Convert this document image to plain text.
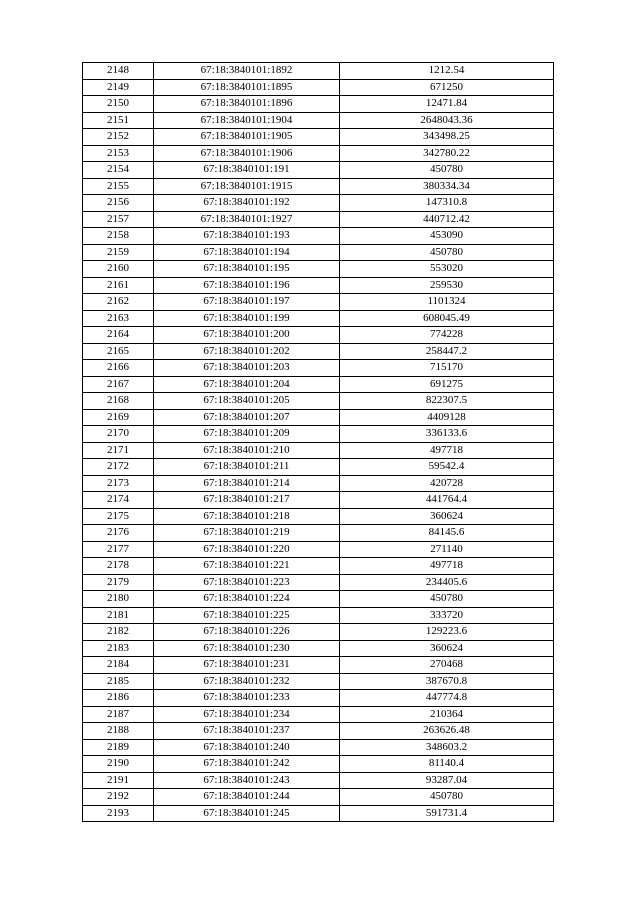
2148	67:18:3840101:1892	1212.54
2149	67:18:3840101:1895	671250
2150	67:18:3840101:1896	12471.84
2151	67:18:3840101:1904	2648043.36
2152	67:18:3840101:1905	343498.25
2153	67:18:3840101:1906	342780.22
2154	67:18:3840101:191	450780
2155	67:18:3840101:1915	380334.34
2156	67:18:3840101:192	147310.8
2157	67:18:3840101:1927	440712.42
2158	67:18:3840101:193	453090
2159	67:18:3840101:194	450780
2160	67:18:3840101:195	553020
2161	67:18:3840101:196	259530
2162	67:18:3840101:197	1101324
2163	67:18:3840101:199	608045.49
2164	67:18:3840101:200	774228
2165	67:18:3840101:202	258447.2
2166	67:18:3840101:203	715170
2167	67:18:3840101:204	691275
2168	67:18:3840101:205	822307.5
2169	67:18:3840101:207	4409128
2170	67:18:3840101:209	336133.6
2171	67:18:3840101:210	497718
2172	67:18:3840101:211	59542.4
2173	67:18:3840101:214	420728
2174	67:18:3840101:217	441764.4
2175	67:18:3840101:218	360624
2176	67:18:3840101:219	84145.6
2177	67:18:3840101:220	271140
2178	67:18:3840101:221	497718
2179	67:18:3840101:223	234405.6
2180	67:18:3840101:224	450780
2181	67:18:3840101:225	333720
2182	67:18:3840101:226	129223.6
2183	67:18:3840101:230	360624
2184	67:18:3840101:231	270468
2185	67:18:3840101:232	387670.8
2186	67:18:3840101:233	447774.8
2187	67:18:3840101:234	210364
2188	67:18:3840101:237	263626.48
2189	67:18:3840101:240	348603.2
2190	67:18:3840101:242	81140.4
2191	67:18:3840101:243	93287.04
2192	67:18:3840101:244	450780
2193	67:18:3840101:245	591731.4
